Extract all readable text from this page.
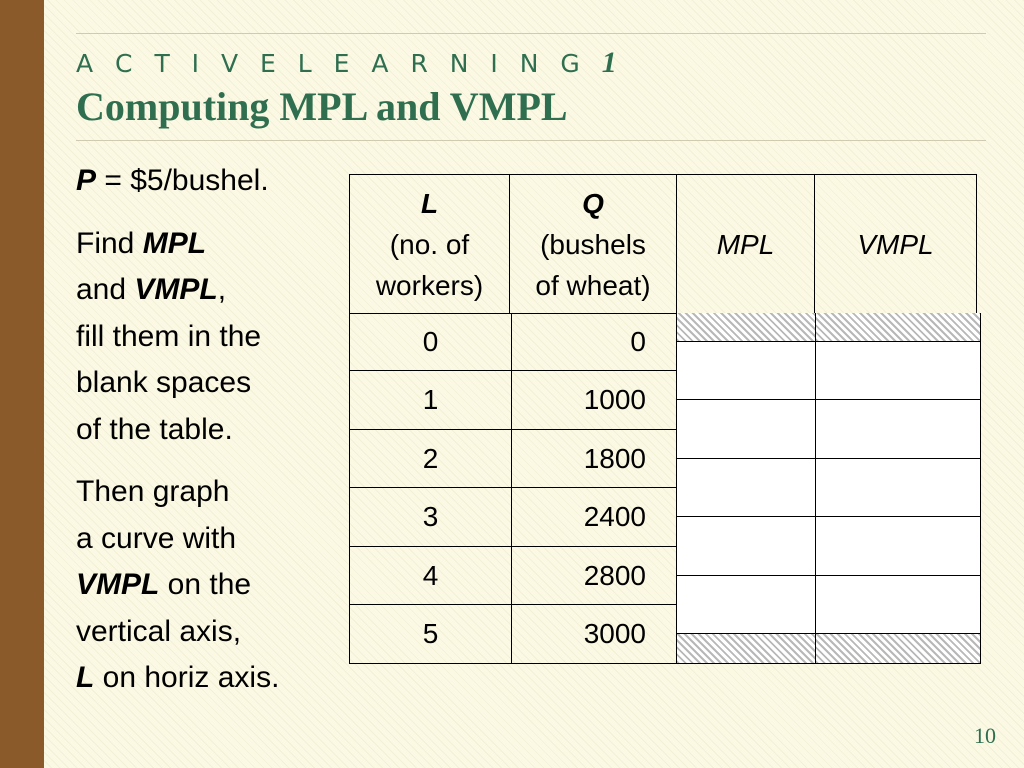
A C T I V E L E A R N I N G 1
Computing MPL and VMPL

P = $5/bushel.

Find MPL
and VMPL,
fill them in the
blank spaces
of the table.

Then graph
a curve with
VMPL on the
vertical axis,
L on horiz axis.

L
(no. of
workers)	Q
(bushels
of wheat)	MPL	VMPL

0	0
1	1000
2	1800
3	2400
4	2800
5	3000
10
